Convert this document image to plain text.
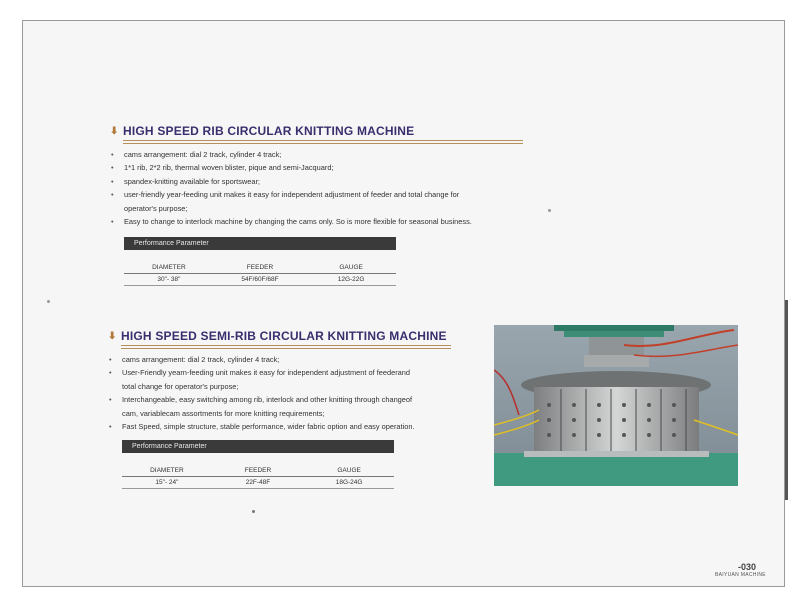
⬇ HIGH SPEED RIB CIRCULAR KNITTING MACHINE
• cams arrangement: dial 2 track, cylinder 4 track;
• 1*1 rib, 2*2 rib, thermal woven blister, pique and semi-Jacquard;
• spandex-knitting available for sportswear;
• user-friendly year-feeding unit makes it easy for independent adjustment of feeder and total change for
operator's purpose;
• Easy to change to interlock machine by changing the cams only. So is more flexible for seasonal business.
Performance Parameter
DIAMETER	FEEDER	GAUGE
30"- 38"	54F/60F/68F	12G-22G
⬇ HIGH SPEED SEMI-RIB CIRCULAR KNITTING MACHINE
• cams arrangement: dial 2 track, cylinder 4 track;
• User-Friendly yearn-feeding unit makes it easy for independent adjustment of feederand
total change for operator's purpose;
• Interchangeable, easy switching among rib, interlock and other knitting through changeof
cam, variablecam assortments for more knitting requirements;
• Fast Speed, simple structure, stable performance, wider fabric option and easy operation.
Performance Parameter
DIAMETER	FEEDER	GAUGE
15"- 24"	22F-48F	18G-24G
-030
BAIYUAN MACHINE
